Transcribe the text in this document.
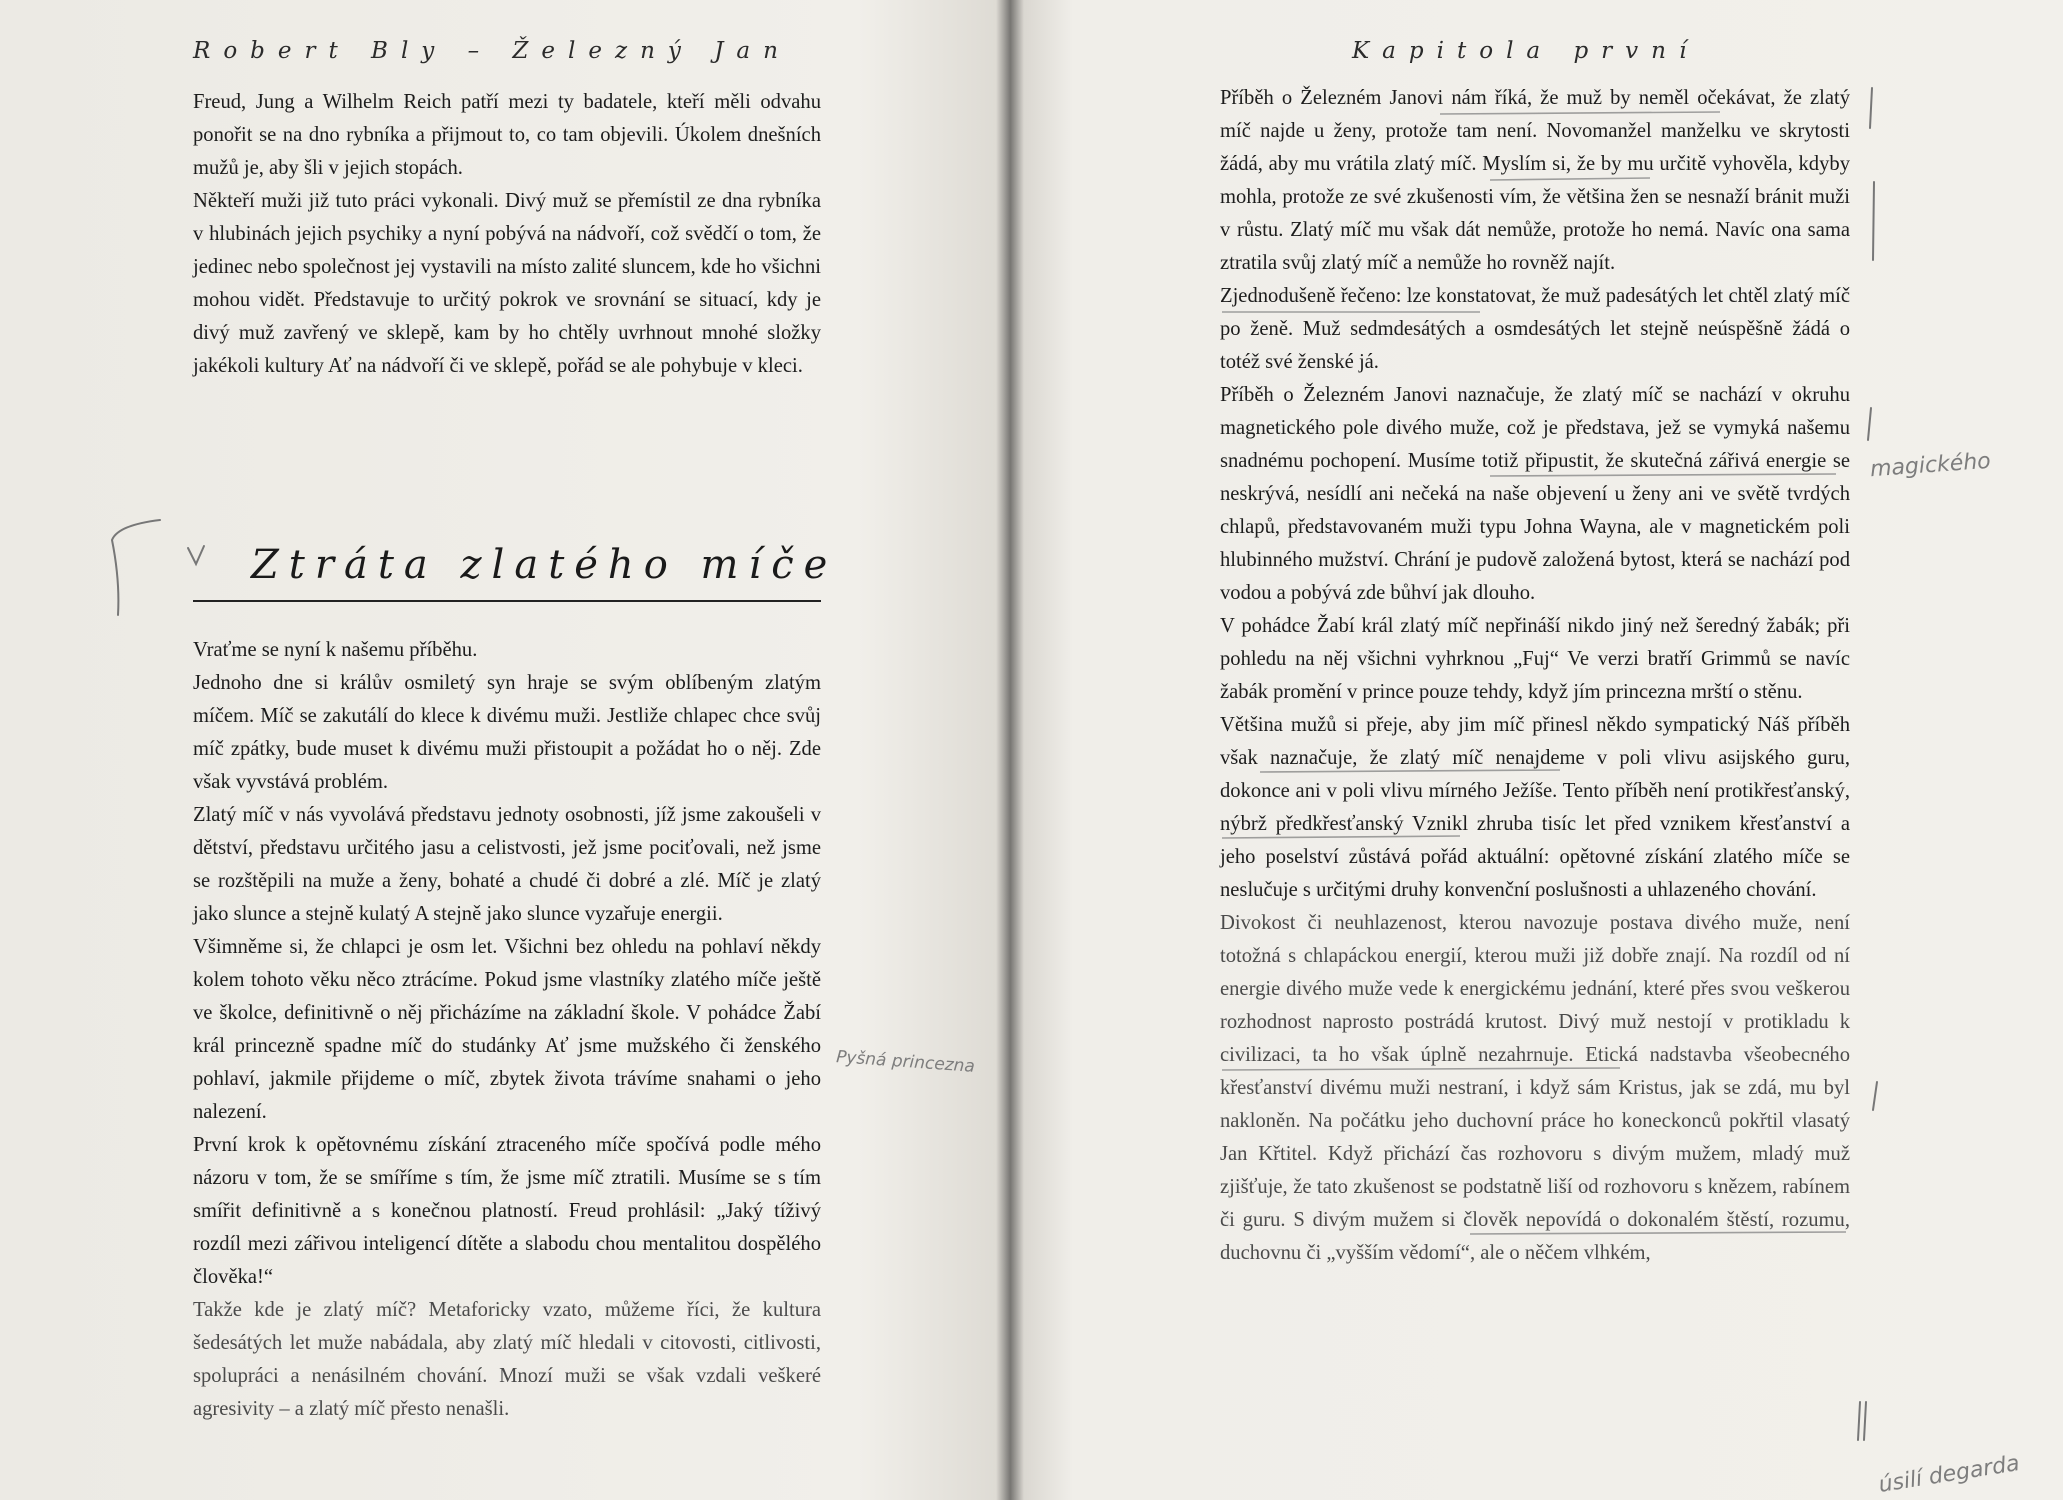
Robert Bly – Železný Jan

Freud, Jung a Wilhelm Reich patří mezi ty badatele, kteří měli odvahu ponořit se na dno rybníka a přijmout to, co tam objevili. Úkolem dnešních mužů je, aby šli v jejich stopách.

Někteří muži již tuto práci vykonali. Divý muž se přemístil ze dna rybníka v hlubinách jejich psychiky a nyní pobývá na nádvoří, což svědčí o tom, že jedinec nebo společnost jej vystavili na místo zalité sluncem, kde ho všichni mohou vidět. Představuje to určitý pokrok ve srovnání se situací, kdy je divý muž zavřený ve sklepě, kam by ho chtěly uvrhnout mnohé složky jakékoli kultury Ať na nádvoří či ve sklepě, pořád se ale pohybuje v kleci.

Ztráta zlatého míče

Vraťme se nyní k našemu příběhu.

Jednoho dne si králův osmiletý syn hraje se svým oblíbeným zlatým míčem. Míč se zakutálí do klece k divému muži. Jestliže chlapec chce svůj míč zpátky, bude muset k divému muži přistoupit a požádat ho o něj. Zde však vyvstává problém.

Zlatý míč v nás vyvolává představu jednoty osobnosti, jíž jsme zakoušeli v dětství, představu určitého jasu a celistvosti, jež jsme pociťovali, než jsme se rozštěpili na muže a ženy, bohaté a chudé či dobré a zlé. Míč je zlatý jako slunce a stejně kulatý A stejně jako slunce vyzařuje energii.

Všimněme si, že chlapci je osm let. Všichni bez ohledu na pohlaví někdy kolem tohoto věku něco ztrácíme. Pokud jsme vlastníky zlatého míče ještě ve školce, definitivně o něj přicházíme na základní škole. V pohádce Žabí král princezně spadne míč do studánky Ať jsme mužského či ženského pohlaví, jakmile přijdeme o míč, zbytek života trávíme snahami o jeho nalezení.

První krok k opětovnému získání ztraceného míče spočívá podle mého názoru v tom, že se smíříme s tím, že jsme míč ztratili. Musíme se s tím smířit definitivně a s konečnou platností. Freud prohlásil: „Jaký tíživý rozdíl mezi zářivou inteligencí dítěte a slabodu chou mentalitou dospělého člověka!“

Takže kde je zlatý míč? Metaforicky vzato, můžeme říci, že kultura šedesátých let muže nabádala, aby zlatý míč hledali v citovosti, citlivosti, spolupráci a nenásilném chování. Mnozí muži se však vzdali veškeré agresivity – a zlatý míč přesto nenašli.

Pyšná princezna
Kapitola první

Příběh o Železném Janovi nám říká, že muž by neměl očekávat, že zlatý míč najde u ženy, protože tam není. Novomanžel manželku ve skrytosti žádá, aby mu vrátila zlatý míč. Myslím si, že by mu určitě vyhověla, kdyby mohla, protože ze své zkušenosti vím, že většina žen se nesnaží bránit muži v růstu. Zlatý míč mu však dát nemůže, protože ho nemá. Navíc ona sama ztratila svůj zlatý míč a nemůže ho rovněž najít.

Zjednodušeně řečeno: lze konstatovat, že muž padesátých let chtěl zlatý míč po ženě. Muž sedmdesátých a osmdesátých let stejně neúspěšně žádá o totéž své ženské já.

Příběh o Železném Janovi naznačuje, že zlatý míč se nachází v okruhu magnetického pole divého muže, což je představa, jež se vymyká našemu snadnému pochopení. Musíme totiž připustit, že skutečná zářivá energie se neskrývá, nesídlí ani nečeká na naše objevení u ženy ani ve světě tvrdých chlapů, představovaném muži typu Johna Wayna, ale v magnetickém poli hlubinného mužství. Chrání je pudově založená bytost, která se nachází pod vodou a pobývá zde bůhví jak dlouho.

V pohádce Žabí král zlatý míč nepřináší nikdo jiný než šeredný žabák; při pohledu na něj všichni vyhrknou „Fuj“ Ve verzi bratří Grimmů se navíc žabák promění v prince pouze tehdy, když jím princezna mrští o stěnu.

Většina mužů si přeje, aby jim míč přinesl někdo sympatický Náš příběh však naznačuje, že zlatý míč nenajdeme v poli vlivu asijského guru, dokonce ani v poli vlivu mírného Ježíše. Tento příběh není protikřesťanský, nýbrž předkřesťanský Vznikl zhruba tisíc let před vznikem křesťanství a jeho poselství zůstává pořád aktuální: opětovné získání zlatého míče se neslučuje s určitými druhy konvenční poslušnosti a uhlazeného chování.

Divokost či neuhlazenost, kterou navozuje postava divého muže, není totožná s chlapáckou energií, kterou muži již dobře znají. Na rozdíl od ní energie divého muže vede k energickému jednání, které přes svou veškerou rozhodnost naprosto postrádá krutost. Divý muž nestojí v protikladu k civilizaci, ta ho však úplně nezahrnuje. Etická nadstavba všeobecného křesťanství divému muži nestraní, i když sám Kristus, jak se zdá, mu byl nakloněn. Na počátku jeho duchovní práce ho koneckonců pokřtil vlasatý Jan Křtitel. Když přichází čas rozhovoru s divým mužem, mladý muž zjišťuje, že tato zkušenost se podstatně liší od rozhovoru s knězem, rabínem či guru. S divým mužem si člověk nepovídá o dokonalém štěstí, rozumu, duchovnu či „vyšším vědomí“, ale o něčem vlhkém,

magického
úsilí degarda
